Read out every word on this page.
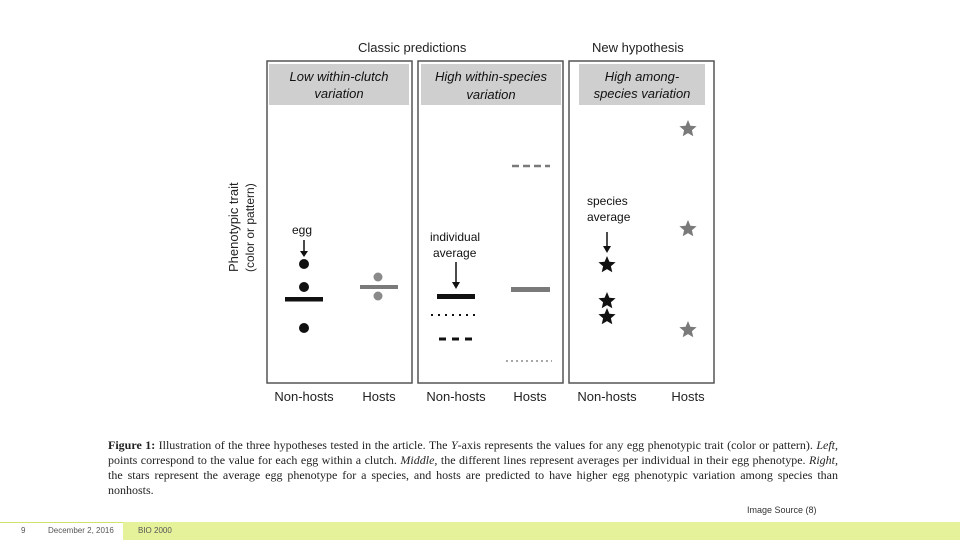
Classic predictions	New hypothesis
Phenotypic trait (color or pattern)
Low within-clutch
variation
egg
Non-hosts Hosts
High within-species
variation
individual
average
Non-hosts Hosts
High among-
species variation
species
average
Non-hosts	Hosts
Figure 1: Illustration of the three hypotheses tested in the article. The Y-axis represents the values for any egg phenotypic trait (color or pattern). Left, points correspond to the value for each egg within a clutch. Middle, the different lines represent averages per individual in their egg phenotype. Right, the stars represent the average egg phenotype for a species, and hosts are predicted to have higher egg phenotypic variation among species than nonhosts.
Image Source (8)
9	December 2, 2016	BIO 2000
